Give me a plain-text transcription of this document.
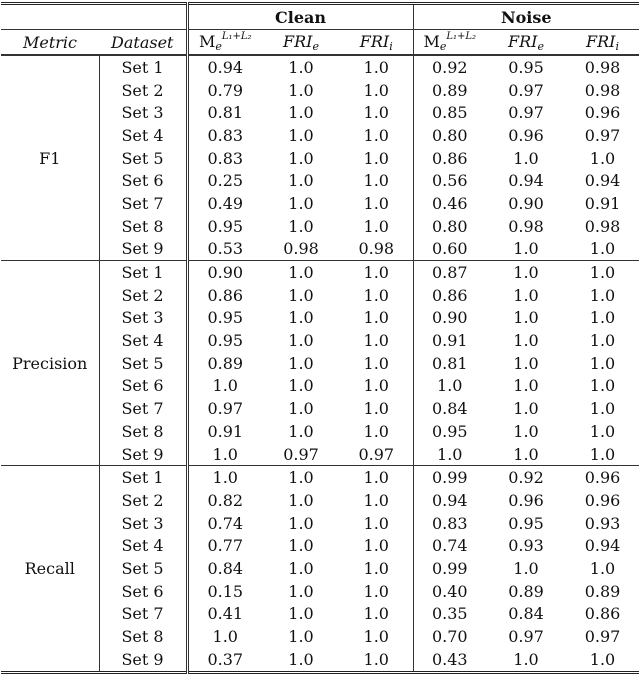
		Clean			Noise		
Metric	Dataset	$M_e^{L_1+L_2}$	$FRI_e$	$FRI_i$	$M_e^{L_1+L_2}$	$FRI_e$	$FRI_i$
F1	Set 1	0.94	1.0	1.0	0.92	0.95	0.98
	Set 2	0.79	1.0	1.0	0.89	0.97	0.98
	Set 3	0.81	1.0	1.0	0.85	0.97	0.96
	Set 4	0.83	1.0	1.0	0.80	0.96	0.97
	Set 5	0.83	1.0	1.0	0.86	1.0	1.0
	Set 6	0.25	1.0	1.0	0.56	0.94	0.94
	Set 7	0.49	1.0	1.0	0.46	0.90	0.91
	Set 8	0.95	1.0	1.0	0.80	0.98	0.98
	Set 9	0.53	0.98	0.98	0.60	1.0	1.0
Precision	Set 1	0.90	1.0	1.0	0.87	1.0	1.0
	Set 2	0.86	1.0	1.0	0.86	1.0	1.0
	Set 3	0.95	1.0	1.0	0.90	1.0	1.0
	Set 4	0.95	1.0	1.0	0.91	1.0	1.0
	Set 5	0.89	1.0	1.0	0.81	1.0	1.0
	Set 6	1.0	1.0	1.0	1.0	1.0	1.0
	Set 7	0.97	1.0	1.0	0.84	1.0	1.0
	Set 8	0.91	1.0	1.0	0.95	1.0	1.0
	Set 9	1.0	0.97	0.97	1.0	1.0	1.0
Recall	Set 1	1.0	1.0	1.0	0.99	0.92	0.96
	Set 2	0.82	1.0	1.0	0.94	0.96	0.96
	Set 3	0.74	1.0	1.0	0.83	0.95	0.93
	Set 4	0.77	1.0	1.0	0.74	0.93	0.94
	Set 5	0.84	1.0	1.0	0.99	1.0	1.0
	Set 6	0.15	1.0	1.0	0.40	0.89	0.89
	Set 7	0.41	1.0	1.0	0.35	0.84	0.86
	Set 8	1.0	1.0	1.0	0.70	0.97	0.97
	Set 9	0.37	1.0	1.0	0.43	1.0	1.0
